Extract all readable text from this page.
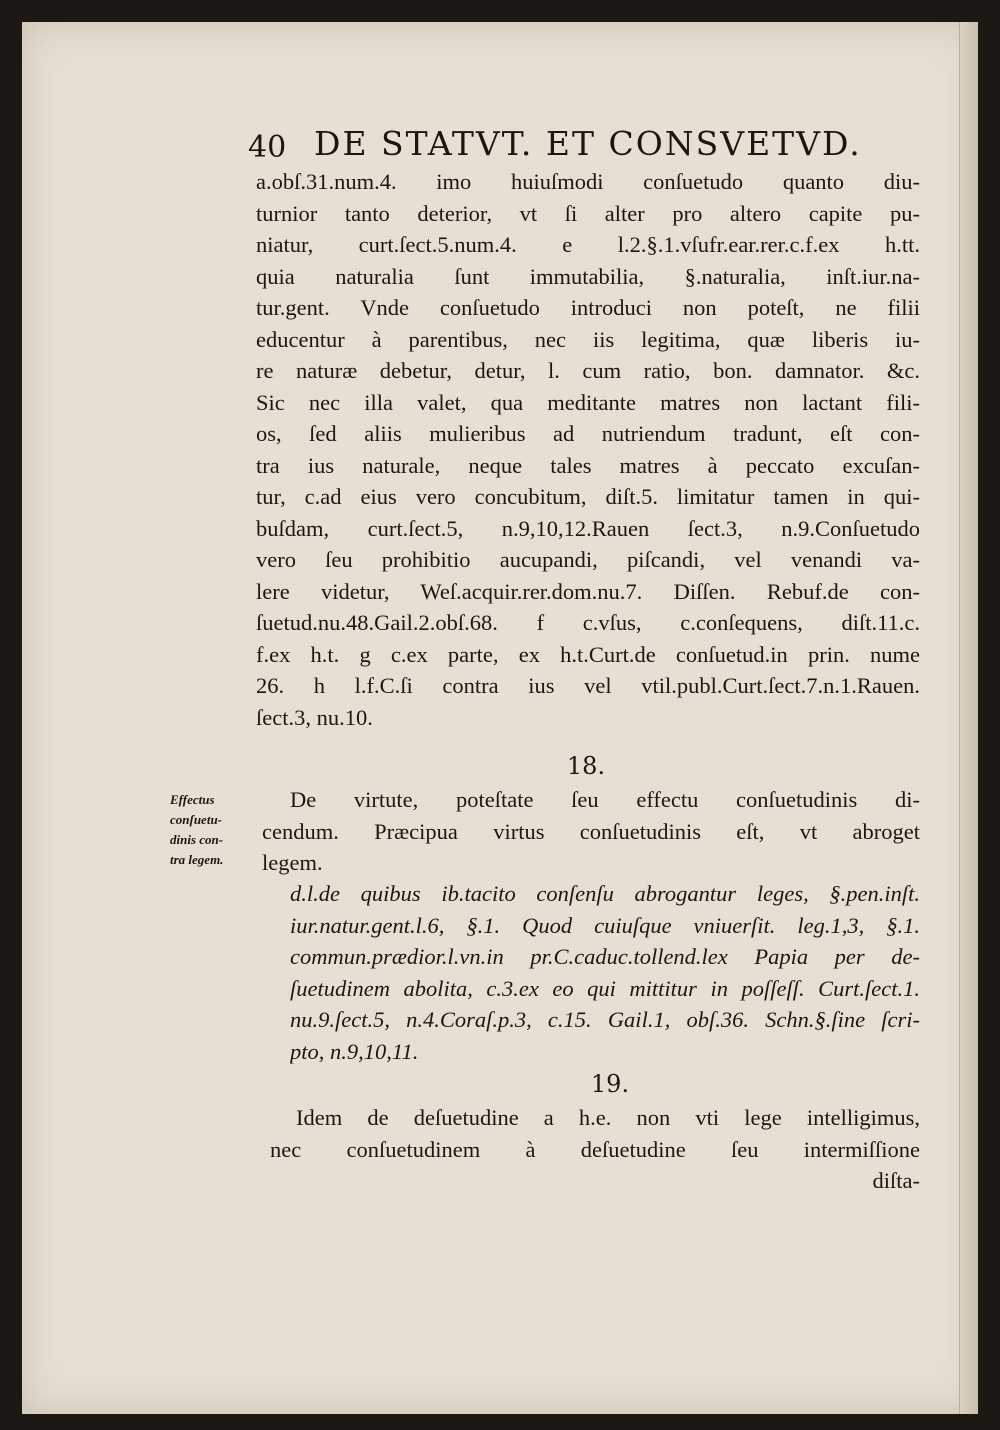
40 DE STATVT. ET CONSVETVD.
a.obſ.31.num.4. imo huiuſmodi conſuetudo quanto diu-
turnior tanto deterior, vt ſi alter pro altero capite pu-
niatur, curt.ſect.5.num.4. e l.2.§.1.vſufr.ear.rer.c.f.ex h.tt.
quia naturalia ſunt immutabilia, §.naturalia, inſt.iur.na-
tur.gent. Vnde conſuetudo introduci non poteſt, ne filii
educentur à parentibus, nec iis legitima, quæ liberis iu-
re naturæ debetur, detur, l. cum ratio, bon. damnator. &c.
Sic nec illa valet, qua meditante matres non lactant fili-
os, ſed aliis mulieribus ad nutriendum tradunt, eſt con-
tra ius naturale, neque tales matres à peccato excuſan-
tur, c.ad eius vero concubitum, diſt.5. limitatur tamen in qui-
buſdam, curt.ſect.5, n.9,10,12.Rauen ſect.3, n.9.Conſuetudo
vero ſeu prohibitio aucupandi, piſcandi, vel venandi va-
lere videtur, Weſ.acquir.rer.dom.nu.7. Diſſen. Rebuf.de con-
ſuetud.nu.48.Gail.2.obſ.68. f c.vſus, c.conſequens, diſt.11.c.
f.ex h.t. g c.ex parte, ex h.t.Curt.de conſuetud.in prin. nume
26. h l.f.C.ſi contra ius vel vtil.publ.Curt.ſect.7.n.1.Rauen.
ſect.3, nu.10.
18.
Effectus
conſuetu-
dinis con-
tra legem.
De virtute, poteſtate ſeu effectu conſuetudinis di-
cendum. Præcipua virtus conſuetudinis eſt, vt abroget
legem.
d.l.de quibus ib.tacito conſenſu abrogantur leges, §.pen.inſt.
iur.natur.gent.l.6, §.1. Quod cuiuſque vniuerſit. leg.1,3, §.1.
commun.prædior.l.vn.in pr.C.caduc.tollend.lex Papia per de-
ſuetudinem abolita, c.3.ex eo qui mittitur in poſſeſſ. Curt.ſect.1.
nu.9.ſect.5, n.4.Coraſ.p.3, c.15. Gail.1, obſ.36. Schn.§.ſine ſcri-
pto, n.9,10,11.
19.
Idem de deſuetudine a h.e. non vti lege intelligimus,
nec conſuetudinem à deſuetudine ſeu intermiſſione
diſta-
